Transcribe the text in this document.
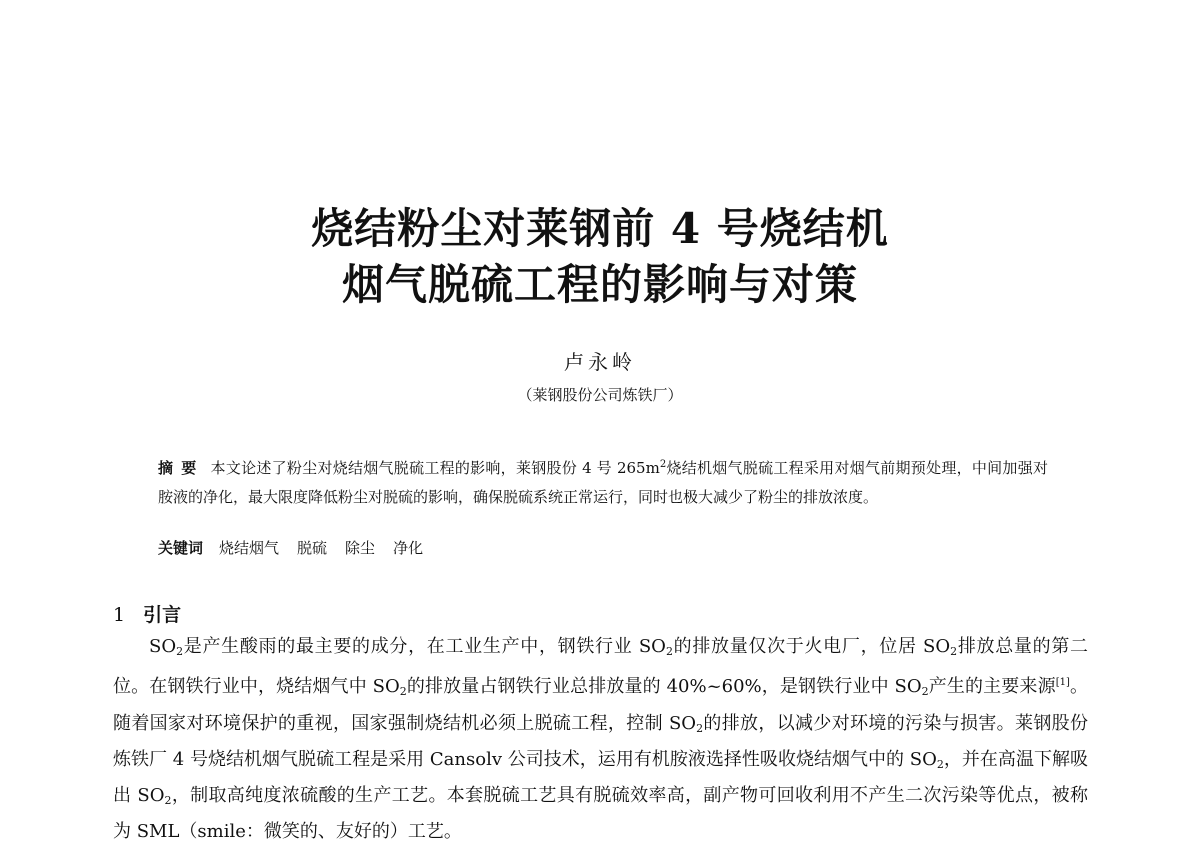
烧结粉尘对莱钢前 4 号烧结机
烟气脱硫工程的影响与对策
卢永岭
（莱钢股份公司炼铁厂）
摘要 本文论述了粉尘对烧结烟气脱硫工程的影响，莱钢股份 4 号 $265m^2$烧结机烟气脱硫工程采用对烟气前期预处理，中间加强对胺液的净化，最大限度降低粉尘对脱硫的影响，确保脱硫系统正常运行，同时也极大减少了粉尘的排放浓度。
关键词 烧结烟气 脱硫 除尘 净化
1 引言

$SO_2$是产生酸雨的最主要的成分，在工业生产中，钢铁行业 $SO_2$的排放量仅次于火电厂，位居 $SO_2$排放总量的第二位。在钢铁行业中，烧结烟气中 $SO_2$的排放量占钢铁行业总排放量的 40%~60%，是钢铁行业中 $SO_2$产生的主要来源[1]。随着国家对环境保护的重视，国家强制烧结机必须上脱硫工程，控制 $SO_2$的排放，以减少对环境的污染与损害。莱钢股份炼铁厂 4 号烧结机烟气脱硫工程是采用 Cansolv 公司技术，运用有机胺液选择性吸收烧结烟气中的 $SO_2$，并在高温下解吸出 $SO_2$，制取高纯度浓硫酸的生产工艺。本套脱硫工艺具有脱硫效率高，副产物可回收利用不产生二次污染等优点，被称为 SML（smile：微笑的、友好的）工艺。
